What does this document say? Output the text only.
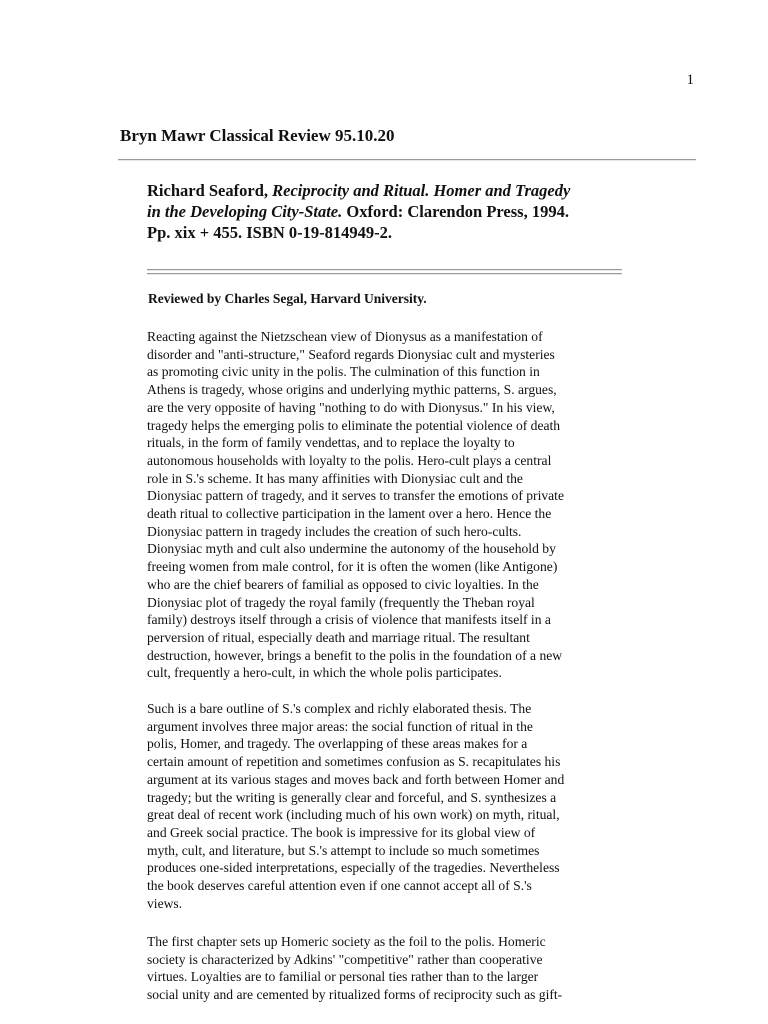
1
Bryn Mawr Classical Review 95.10.20

Richard Seaford, Reciprocity and Ritual. Homer and Tragedy
in the Developing City-State. Oxford: Clarendon Press, 1994.
Pp. xix + 455. ISBN 0-19-814949-2.

Reviewed by Charles Segal, Harvard University.

Reacting against the Nietzschean view of Dionysus as a manifestation of
disorder and "anti-structure," Seaford regards Dionysiac cult and mysteries
as promoting civic unity in the polis. The culmination of this function in
Athens is tragedy, whose origins and underlying mythic patterns, S. argues,
are the very opposite of having "nothing to do with Dionysus." In his view,
tragedy helps the emerging polis to eliminate the potential violence of death
rituals, in the form of family vendettas, and to replace the loyalty to
autonomous households with loyalty to the polis. Hero-cult plays a central
role in S.'s scheme. It has many affinities with Dionysiac cult and the
Dionysiac pattern of tragedy, and it serves to transfer the emotions of private
death ritual to collective participation in the lament over a hero. Hence the
Dionysiac pattern in tragedy includes the creation of such hero-cults.
Dionysiac myth and cult also undermine the autonomy of the household by
freeing women from male control, for it is often the women (like Antigone)
who are the chief bearers of familial as opposed to civic loyalties. In the
Dionysiac plot of tragedy the royal family (frequently the Theban royal
family) destroys itself through a crisis of violence that manifests itself in a
perversion of ritual, especially death and marriage ritual. The resultant
destruction, however, brings a benefit to the polis in the foundation of a new
cult, frequently a hero-cult, in which the whole polis participates.

Such is a bare outline of S.'s complex and richly elaborated thesis. The
argument involves three major areas: the social function of ritual in the
polis, Homer, and tragedy. The overlapping of these areas makes for a
certain amount of repetition and sometimes confusion as S. recapitulates his
argument at its various stages and moves back and forth between Homer and
tragedy; but the writing is generally clear and forceful, and S. synthesizes a
great deal of recent work (including much of his own work) on myth, ritual,
and Greek social practice. The book is impressive for its global view of
myth, cult, and literature, but S.'s attempt to include so much sometimes
produces one-sided interpretations, especially of the tragedies. Nevertheless
the book deserves careful attention even if one cannot accept all of S.'s
views.

The first chapter sets up Homeric society as the foil to the polis. Homeric
society is characterized by Adkins' "competitive" rather than cooperative
virtues. Loyalties are to familial or personal ties rather than to the larger
social unity and are cemented by ritualized forms of reciprocity such as gift-
